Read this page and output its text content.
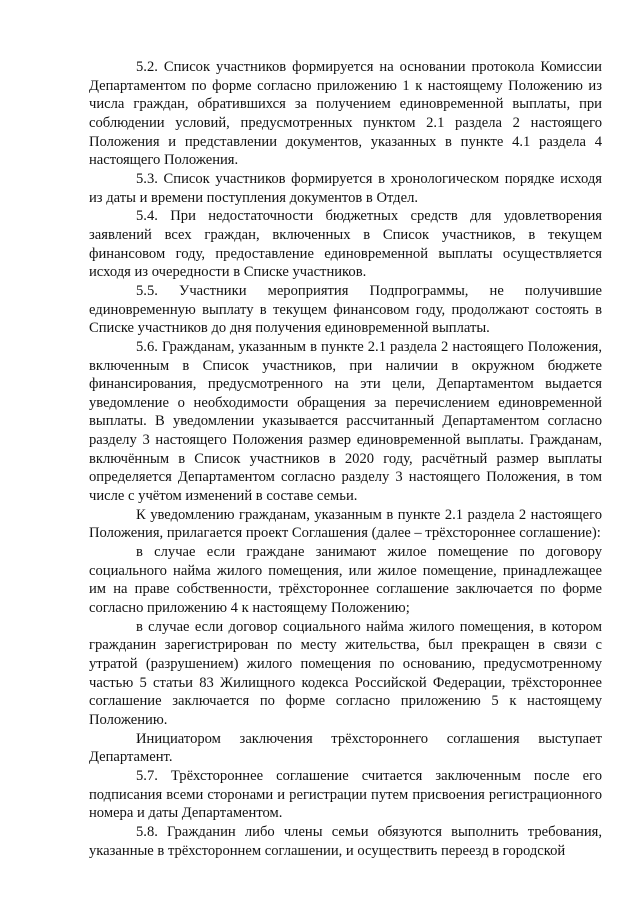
5.2. Список участников формируется на основании протокола Комиссии Департаментом по форме согласно приложению 1 к настоящему Положению из числа граждан, обратившихся за получением единовременной выплаты, при соблюдении условий, предусмотренных пунктом 2.1 раздела 2 настоящего Положения и представлении документов, указанных в пункте 4.1 раздела 4 настоящего Положения.

5.3. Список участников формируется в хронологическом порядке исходя из даты и времени поступления документов в Отдел.

5.4. При недостаточности бюджетных средств для удовлетворения заявлений всех граждан, включенных в Список участников, в текущем финансовом году, предоставление единовременной выплаты осуществляется исходя из очередности в Списке участников.

5.5. Участники мероприятия Подпрограммы, не получившие единовременную выплату в текущем финансовом году, продолжают состоять в Списке участников до дня получения единовременной выплаты.

5.6. Гражданам, указанным в пункте 2.1 раздела 2 настоящего Положения, включенным в Список участников, при наличии в окружном бюджете финансирования, предусмотренного на эти цели, Департаментом выдается уведомление о необходимости обращения за перечислением единовременной выплаты. В уведомлении указывается рассчитанный Департаментом согласно разделу 3 настоящего Положения размер единовременной выплаты. Гражданам, включённым в Список участников в 2020 году, расчётный размер выплаты определяется Департаментом согласно разделу 3 настоящего Положения, в том числе с учётом изменений в составе семьи.

К уведомлению гражданам, указанным в пункте 2.1 раздела 2 настоящего Положения, прилагается проект Соглашения (далее – трёхстороннее соглашение):

в случае если граждане занимают жилое помещение по договору социального найма жилого помещения, или жилое помещение, принадлежащее им на праве собственности, трёхстороннее соглашение заключается по форме согласно приложению 4 к настоящему Положению;

в случае если договор социального найма жилого помещения, в котором гражданин зарегистрирован по месту жительства, был прекращен в связи с утратой (разрушением) жилого помещения по основанию, предусмотренному частью 5 статьи 83 Жилищного кодекса Российской Федерации, трёхстороннее соглашение заключается по форме согласно приложению 5 к настоящему Положению.

Инициатором заключения трёхстороннего соглашения выступает Департамент.

5.7. Трёхстороннее соглашение считается заключенным после его подписания всеми сторонами и регистрации путем присвоения регистрационного номера и даты Департаментом.

5.8. Гражданин либо члены семьи обязуются выполнить требования, указанные в трёхстороннем соглашении, и осуществить переезд в городской
